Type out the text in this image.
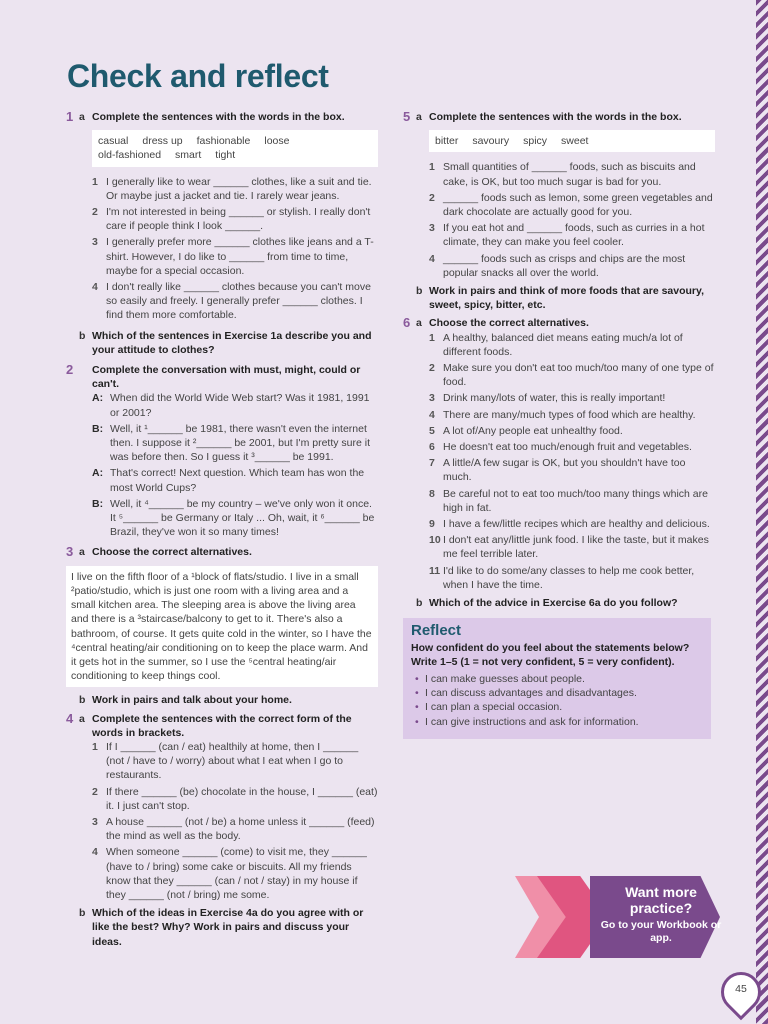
Check and reflect
1 a Complete the sentences with the words in the box.
casual dress up fashionable loose
old-fashioned smart tight
1 I generally like to wear ______ clothes, like a suit and tie. Or maybe just a jacket and tie. I rarely wear jeans.
2 I'm not interested in being ______ or stylish. I really don't care if people think I look ______.
3 I generally prefer more ______ clothes like jeans and a T-shirt. However, I do like to ______ from time to time, maybe for a special occasion.
4 I don't really like ______ clothes because you can't move so easily and freely. I generally prefer ______ clothes. I find them more comfortable.
b Which of the sentences in Exercise 1a describe you and your attitude to clothes?
2	Complete the conversation with must, might, could or can't.
A: When did the World Wide Web start? Was it 1981, 1991 or 2001?
B: Well, it ¹______ be 1981, there wasn't even the internet then. I suppose it ²______ be 2001, but I'm pretty sure it was before then. So I guess it ³______ be 1991.
A: That's correct! Next question. Which team has won the most World Cups?
B: Well, it ⁴______ be my country – we've only won it once. It ⁵______ be Germany or Italy ... Oh, wait, it ⁶______ be Brazil, they've won it so many times!
3 a Choose the correct alternatives.
I live on the fifth floor of a ¹block of flats/studio. I live in a small ²patio/studio, which is just one room with a living area and a small kitchen area. The sleeping area is above the living area and there is a ³staircase/balcony to get to it. There's also a bathroom, of course. It gets quite cold in the winter, so I have the ⁴central heating/air conditioning on to keep the place warm. And it gets hot in the summer, so I use the ⁵central heating/air conditioning to keep things cool.
b Work in pairs and talk about your home.
4 a Complete the sentences with the correct form of the words in brackets.
1 If I ______ (can / eat) healthily at home, then I ______ (not / have to / worry) about what I eat when I go to restaurants.
2 If there ______ (be) chocolate in the house, I ______ (eat) it. I just can't stop.
3 A house ______ (not / be) a home unless it ______ (feed) the mind as well as the body.
4 When someone ______ (come) to visit me, they ______ (have to / bring) some cake or biscuits. All my friends know that they ______ (can / not / stay) in my house if they ______ (not / bring) me some.
b Which of the ideas in Exercise 4a do you agree with or like the best? Why? Work in pairs and discuss your ideas.
5 a Complete the sentences with the words in the box.
bitter savoury spicy sweet
1 Small quantities of ______ foods, such as biscuits and cake, is OK, but too much sugar is bad for you.
2 ______ foods such as lemon, some green vegetables and dark chocolate are actually good for you.
3 If you eat hot and ______ foods, such as curries in a hot climate, they can make you feel cooler.
4 ______ foods such as crisps and chips are the most popular snacks all over the world.
b Work in pairs and think of more foods that are savoury, sweet, spicy, bitter, etc.
6 a Choose the correct alternatives.
1 A healthy, balanced diet means eating much/a lot of different foods.
2 Make sure you don't eat too much/too many of one type of food.
3 Drink many/lots of water, this is really important!
4 There are many/much types of food which are healthy.
5 A lot of/Any people eat unhealthy food.
6 He doesn't eat too much/enough fruit and vegetables.
7 A little/A few sugar is OK, but you shouldn't have too much.
8 Be careful not to eat too much/too many things which are high in fat.
9 I have a few/little recipes which are healthy and delicious.
10 I don't eat any/little junk food. I like the taste, but it makes me feel terrible later.
11 I'd like to do some/any classes to help me cook better, when I have the time.
b Which of the advice in Exercise 6a do you follow?
Reflect
How confident do you feel about the statements below? Write 1–5 (1 = not very confident, 5 = very confident).
• I can make guesses about people.
• I can discuss advantages and disadvantages.
• I can plan a special occasion.
• I can give instructions and ask for information.
Want more practice?
Go to your Workbook or app.
45
